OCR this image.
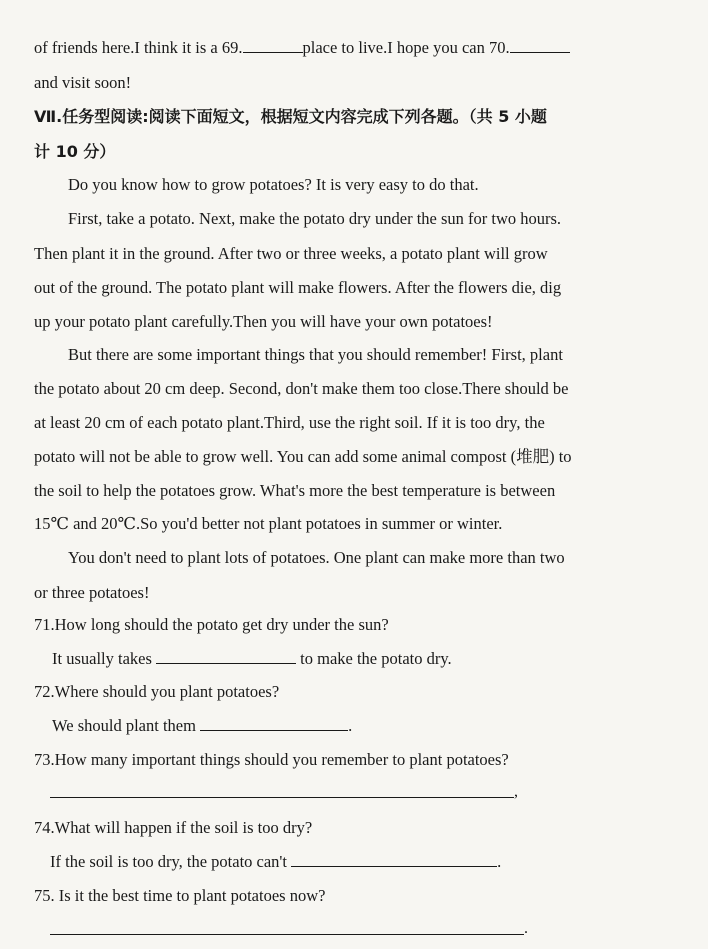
of friends here.I think it is a 69.	place to live.I hope you can 70.
and visit soon!
Ⅶ.任务型阅读:阅读下面短文，根据短文内容完成下列各题。（共 5 小题
计 10 分）
Do you know how to grow potatoes? It is very easy to do that.
First, take a potato. Next, make the potato dry under the sun for two hours.
Then plant it in the ground. After two or three weeks, a potato plant will grow
out of the ground. The potato plant will make flowers. After the flowers die, dig
up your potato plant carefully.Then you will have your own potatoes!
But there are some important things that you should remember! First, plant
the potato about 20 cm deep. Second, don't make them too close.There should be
at least 20 cm of each potato plant.Third, use the right soil. If it is too dry, the
potato will not be able to grow well. You can add some animal compost (堆肥) to
the soil to help the potatoes grow. What's more the best temperature is between
15℃ and 20℃.So you'd better not plant potatoes in summer or winter.
You don't need to plant lots of potatoes. One plant can make more than two
or three potatoes!
71.How long should the potato get dry under the sun?
It usually takes	to make the potato dry.
72.Where should you plant potatoes?
We should plant them	.
73.How many important things should you remember to plant potatoes?
,
74.What will happen if the soil is too dry?
If the soil is too dry, the potato can't	.
75. Is it the best time to plant potatoes now?
.
